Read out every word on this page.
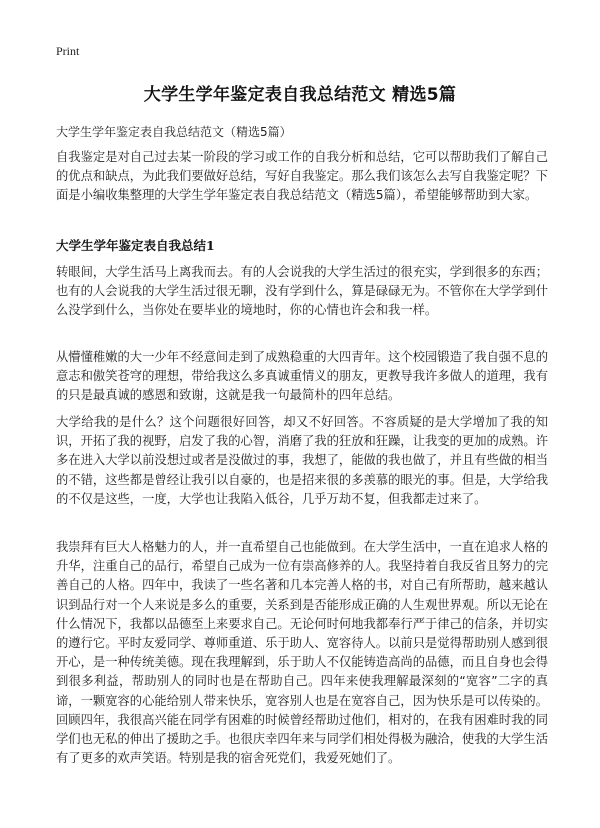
Print
大学生学年鉴定表自我总结范文 精选5篇
大学生学年鉴定表自我总结范文（精选5篇）

自我鉴定是对自己过去某一阶段的学习或工作的自我分析和总结，它可以帮助我们了解自己的优点和缺点，为此我们要做好总结，写好自我鉴定。那么我们该怎么去写自我鉴定呢？下面是小编收集整理的大学生学年鉴定表自我总结范文（精选5篇），希望能够帮助到大家。

大学生学年鉴定表自我总结1

转眼间，大学生活马上离我而去。有的人会说我的大学生活过的很充实，学到很多的东西；也有的人会说我的大学生活过很无聊，没有学到什么，算是碌碌无为。不管你在大学学到什么没学到什么，当你处在要毕业的境地时，你的心情也许会和我一样。

从懵懂稚嫩的大一少年不经意间走到了成熟稳重的大四青年。这个校园锻造了我自强不息的意志和傲笑苍穹的理想，带给我这么多真诚重情义的朋友，更教导我许多做人的道理，我有的只是最真诚的感恩和致谢，这就是我一句最简朴的四年总结。

大学给我的是什么？这个问题很好回答，却又不好回答。不容质疑的是大学增加了我的知识，开拓了我的视野，启发了我的心智，消磨了我的狂放和狂躁，让我变的更加的成熟。许多在进入大学以前没想过或者是没做过的事，我想了，能做的我也做了，并且有些做的相当的不错，这些都是曾经让我引以自豪的，也是招来很的多羡慕的眼光的事。但是，大学给我的不仅是这些，一度，大学也让我陷入低谷，几乎万劫不复，但我都走过来了。

我崇拜有巨大人格魅力的人，并一直希望自己也能做到。在大学生活中，一直在追求人格的升华，注重自己的品行，希望自己成为一位有崇高修养的人。我坚持着自我反省且努力的完善自己的人格。四年中，我读了一些名著和几本完善人格的书，对自己有所帮助，越来越认识到品行对一个人来说是多么的重要，关系到是否能形成正确的人生观世界观。所以无论在什么情况下，我都以品德至上来要求自己。无论何时何地我都奉行严于律己的信条，并切实的遵行它。平时友爱同学、尊师重道、乐于助人、宽容待人。以前只是觉得帮助别人感到很开心，是一种传统美德。现在我理解到，乐于助人不仅能铸造高尚的品德，而且自身也会得到很多利益，帮助别人的同时也是在帮助自己。四年来使我理解最深刻的“宽容”二字的真谛，一颗宽容的心能给别人带来快乐，宽容别人也是在宽容自己，因为快乐是可以传染的。回顾四年，我很高兴能在同学有困难的时候曾经帮助过他们，相对的，在我有困难时我的同学们也无私的伸出了援助之手。也很庆幸四年来与同学们相处得极为融洽，使我的大学生活有了更多的欢声笑语。特别是我的宿舍死党们，我爱死她们了。
